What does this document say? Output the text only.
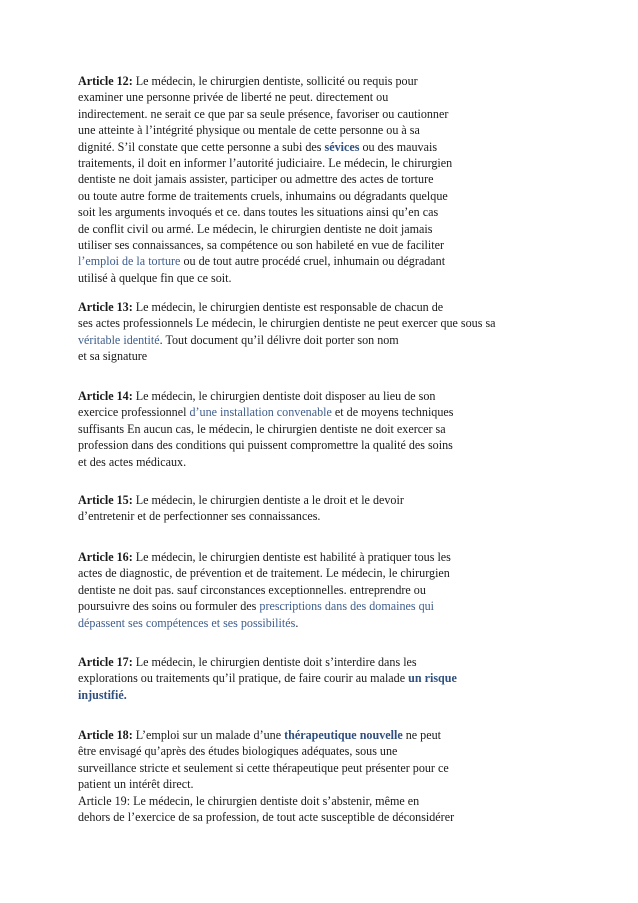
Article 12: Le médecin, le chirurgien dentiste, sollicité ou requis pour
examiner une personne privée de liberté ne peut. directement ou
indirectement. ne serait ce que par sa seule présence, favoriser ou cautionner
une atteinte à l’intégrité physique ou mentale de cette personne ou à sa
dignité. S’il constate que cette personne a subi des sévices ou des mauvais
traitements, il doit en informer l’autorité judiciaire. Le médecin, le chirurgien
dentiste ne doit jamais assister, participer ou admettre des actes de torture
ou toute autre forme de traitements cruels, inhumains ou dégradants quelque
soit les arguments invoqués et ce. dans toutes les situations ainsi qu’en cas
de conflit civil ou armé. Le médecin, le chirurgien dentiste ne doit jamais
utiliser ses connaissances, sa compétence ou son habileté en vue de faciliter
l’emploi de la torture ou de tout autre procédé cruel, inhumain ou dégradant
utilisé à quelque fin que ce soit.
Article 13: Le médecin, le chirurgien dentiste est responsable de chacun de
ses actes professionnels Le médecin, le chirurgien dentiste ne peut exercer que sous sa
véritable identité. Tout document qu’il délivre doit porter son nom
et sa signature
Article 14: Le médecin, le chirurgien dentiste doit disposer au lieu de son
exercice professionnel d’une installation convenable et de moyens techniques
suffisants En aucun cas, le médecin, le chirurgien dentiste ne doit exercer sa
profession dans des conditions qui puissent compromettre la qualité des soins
et des actes médicaux.
Article 15: Le médecin, le chirurgien dentiste a le droit et le devoir
d’entretenir et de perfectionner ses connaissances.
Article 16: Le médecin, le chirurgien dentiste est habilité à pratiquer tous les
actes de diagnostic, de prévention et de traitement. Le médecin, le chirurgien
dentiste ne doit pas. sauf circonstances exceptionnelles. entreprendre ou
poursuivre des soins ou formuler des prescriptions dans des domaines qui
dépassent ses compétences et ses possibilités.
Article 17: Le médecin, le chirurgien dentiste doit s’interdire dans les
explorations ou traitements qu’il pratique, de faire courir au malade un risque
injustifié.
Article 18: L’emploi sur un malade d’une thérapeutique nouvelle ne peut
être envisagé qu’après des études biologiques adéquates, sous une
surveillance stricte et seulement si cette thérapeutique peut présenter pour ce
patient un intérêt direct.
Article 19: Le médecin, le chirurgien dentiste doit s’abstenir, même en
dehors de l’exercice de sa profession, de tout acte susceptible de déconsidérer
